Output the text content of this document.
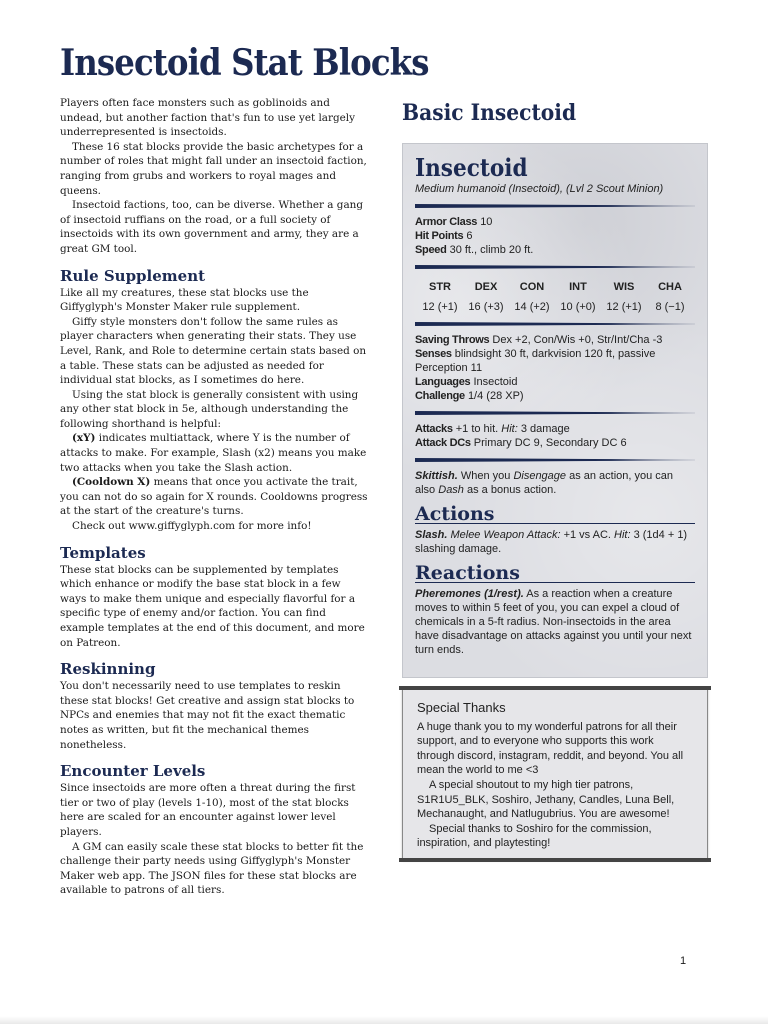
Insectoid Stat Blocks

Players often face monsters such as goblinoids and undead, but another faction that's fun to use yet largely underrepresented is insectoids.

These 16 stat blocks provide the basic archetypes for a number of roles that might fall under an insectoid faction, ranging from grubs and workers to royal mages and queens.

Insectoid factions, too, can be diverse. Whether a gang of insectoid ruffians on the road, or a full society of insectoids with its own government and army, they are a great GM tool.

Rule Supplement

Like all my creatures, these stat blocks use the Giffyglyph's Monster Maker rule supplement.

Giffy style monsters don't follow the same rules as player characters when generating their stats. They use Level, Rank, and Role to determine certain stats based on a table. These stats can be adjusted as needed for individual stat blocks, as I sometimes do here.

Using the stat block is generally consistent with using any other stat block in 5e, although understanding the following shorthand is helpful:

(xY) indicates multiattack, where Y is the number of attacks to make. For example, Slash (x2) means you make two attacks when you take the Slash action.

(Cooldown X) means that once you activate the trait, you can not do so again for X rounds. Cooldowns progress at the start of the creature's turns.

Check out www.giffyglyph.com for more info!

Templates

These stat blocks can be supplemented by templates which enhance or modify the base stat block in a few ways to make them unique and especially flavorful for a specific type of enemy and/or faction. You can find example templates at the end of this document, and more on Patreon.

Reskinning

You don't necessarily need to use templates to reskin these stat blocks! Get creative and assign stat blocks to NPCs and enemies that may not fit the exact thematic notes as written, but fit the mechanical themes nonetheless.

Encounter Levels

Since insectoids are more often a threat during the first tier or two of play (levels 1-10), most of the stat blocks here are scaled for an encounter against lower level players.

A GM can easily scale these stat blocks to better fit the challenge their party needs using Giffyglyph's Monster Maker web app. The JSON files for these stat blocks are available to patrons of all tiers.

Basic Insectoid
Insectoid
Medium humanoid (Insectoid), (Lvl 2 Scout Minion)

Armor Class 10

Hit Points 6

Speed 30 ft., climb 20 ft.

STR
12 (+1)
DEX
16 (+3)
CON
14 (+2)
INT
10 (+0)
WIS
12 (+1)
CHA
8 (−1)

Saving Throws Dex +2, Con/Wis +0, Str/Int/Cha -3

Senses blindsight 30 ft, darkvision 120 ft, passive Perception 11

Languages Insectoid

Challenge 1/4 (28 XP)

Attacks +1 to hit. Hit: 3 damage

Attack DCs Primary DC 9, Secondary DC 6

Skittish. When you Disengage as an action, you can also Dash as a bonus action.

Actions

Slash. Melee Weapon Attack: +1 vs AC. Hit: 3 (1d4 + 1) slashing damage.

Reactions

Pheremones (1/rest). As a reaction when a creature moves to within 5 feet of you, you can expel a cloud of chemicals in a 5-ft radius. Non-insectoids in the area have disadvantage on attacks against you until your next turn ends.

Special Thanks

A huge thank you to my wonderful patrons for all their support, and to everyone who supports this work through discord, instagram, reddit, and beyond. You all mean the world to me <3

A special shoutout to my high tier patrons, S1R1U5_BLK, Soshiro, Jethany, Candles, Luna Bell, Mechanaught, and Natlugubrius. You are awesome!

Special thanks to Soshiro for the commission, inspiration, and playtesting!

1
